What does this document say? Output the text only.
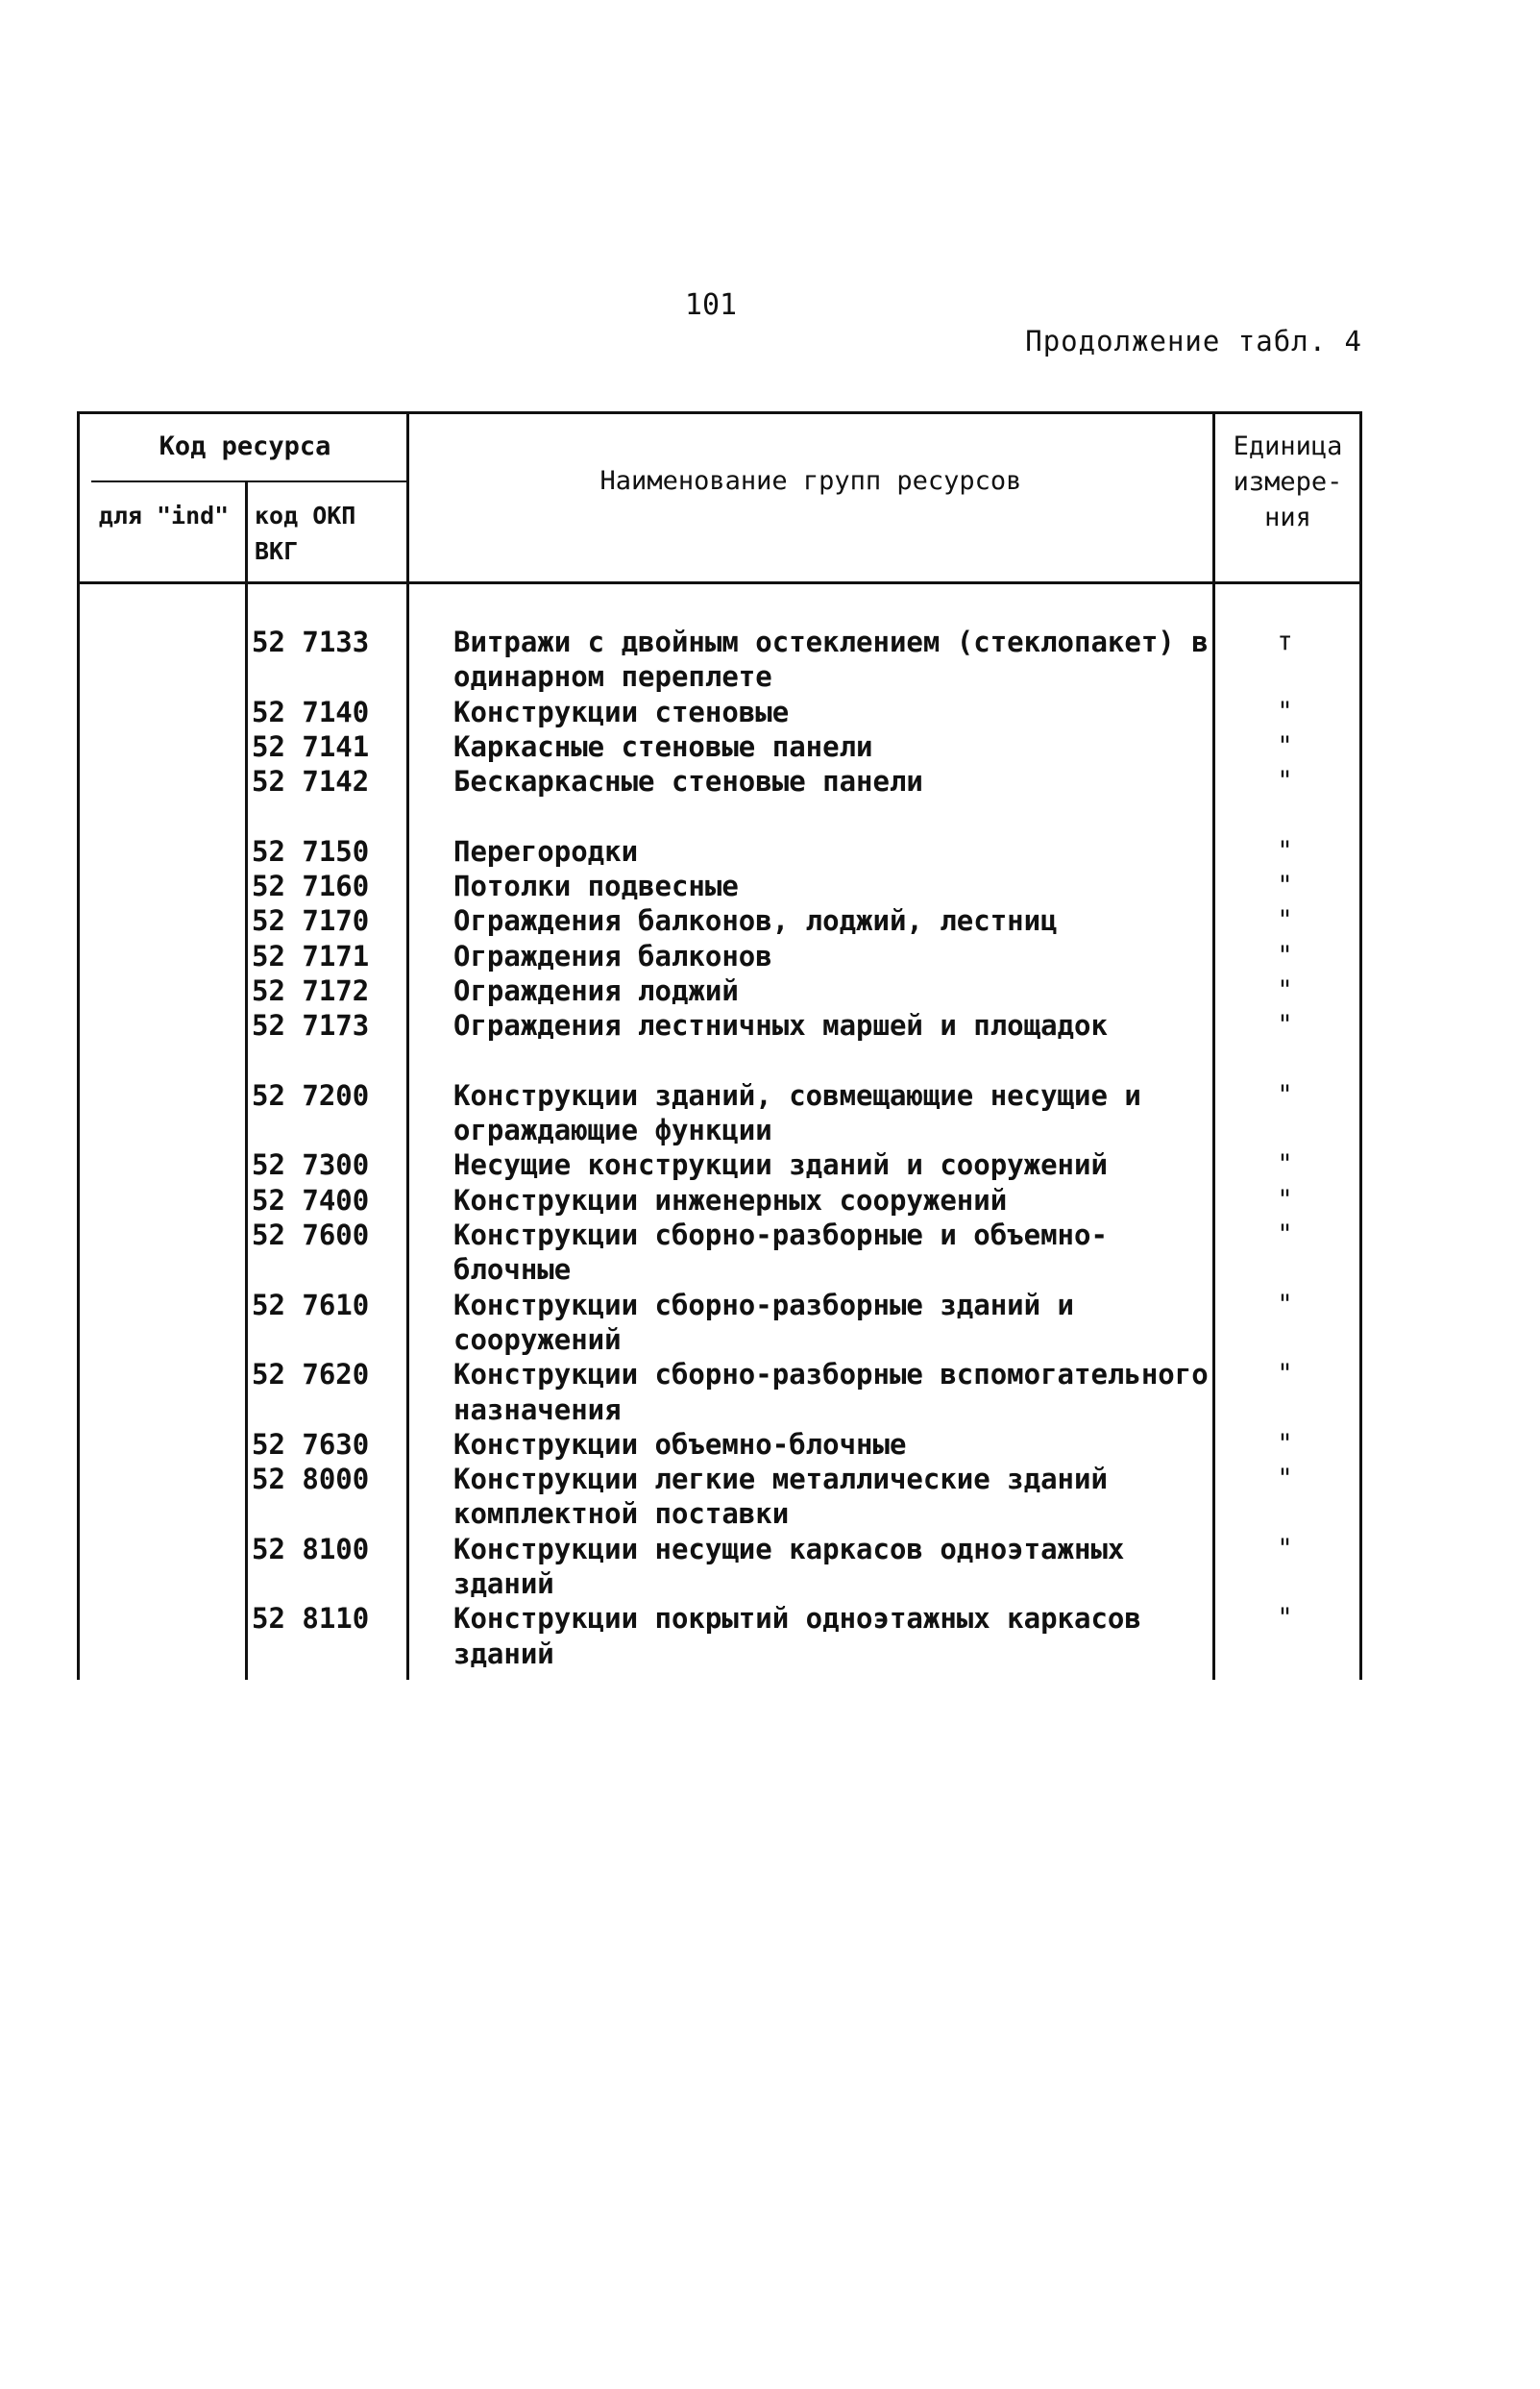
101
Продолжение табл. 4
Код ресурса
для "ind"	код ОКП ВКГ
Наименование групп ресурсов
Единица измере- ния
52 7133
52 7140
52 7141
52 7142
52 7150
52 7160
52 7170
52 7171
52 7172
52 7173
52 7200
52 7300
52 7400
52 7600
52 7610
52 7620
52 7630
52 8000
52 8100
52 8110
Витражи с двойным остеклением (стеклопакет) в одинарном переплете
Конструкции стеновые
Каркасные стеновые панели
Бескаркасные стеновые панели
Перегородки
Потолки подвесные
Ограждения балконов, лоджий, лестниц
Ограждения балконов
Ограждения лоджий
Ограждения лестничных маршей и площадок
Конструкции зданий, совмещающие несущие и ограждающие функции
Несущие конструкции зданий и сооружений
Конструкции инженерных сооружений
Конструкции сборно-разборные и объемно-блочные
Конструкции сборно-разборные зданий и сооружений
Конструкции сборно-разборные вспомогательного назначения
Конструкции объемно-блочные
Конструкции легкие металлические зданий комплектной поставки
Конструкции несущие каркасов одноэтажных зданий
Конструкции покрытий одноэтажных каркасов зданий
т
"
"
"
"
"
"
"
"
"
"
"
"
"
"
"
"
"
"
"
